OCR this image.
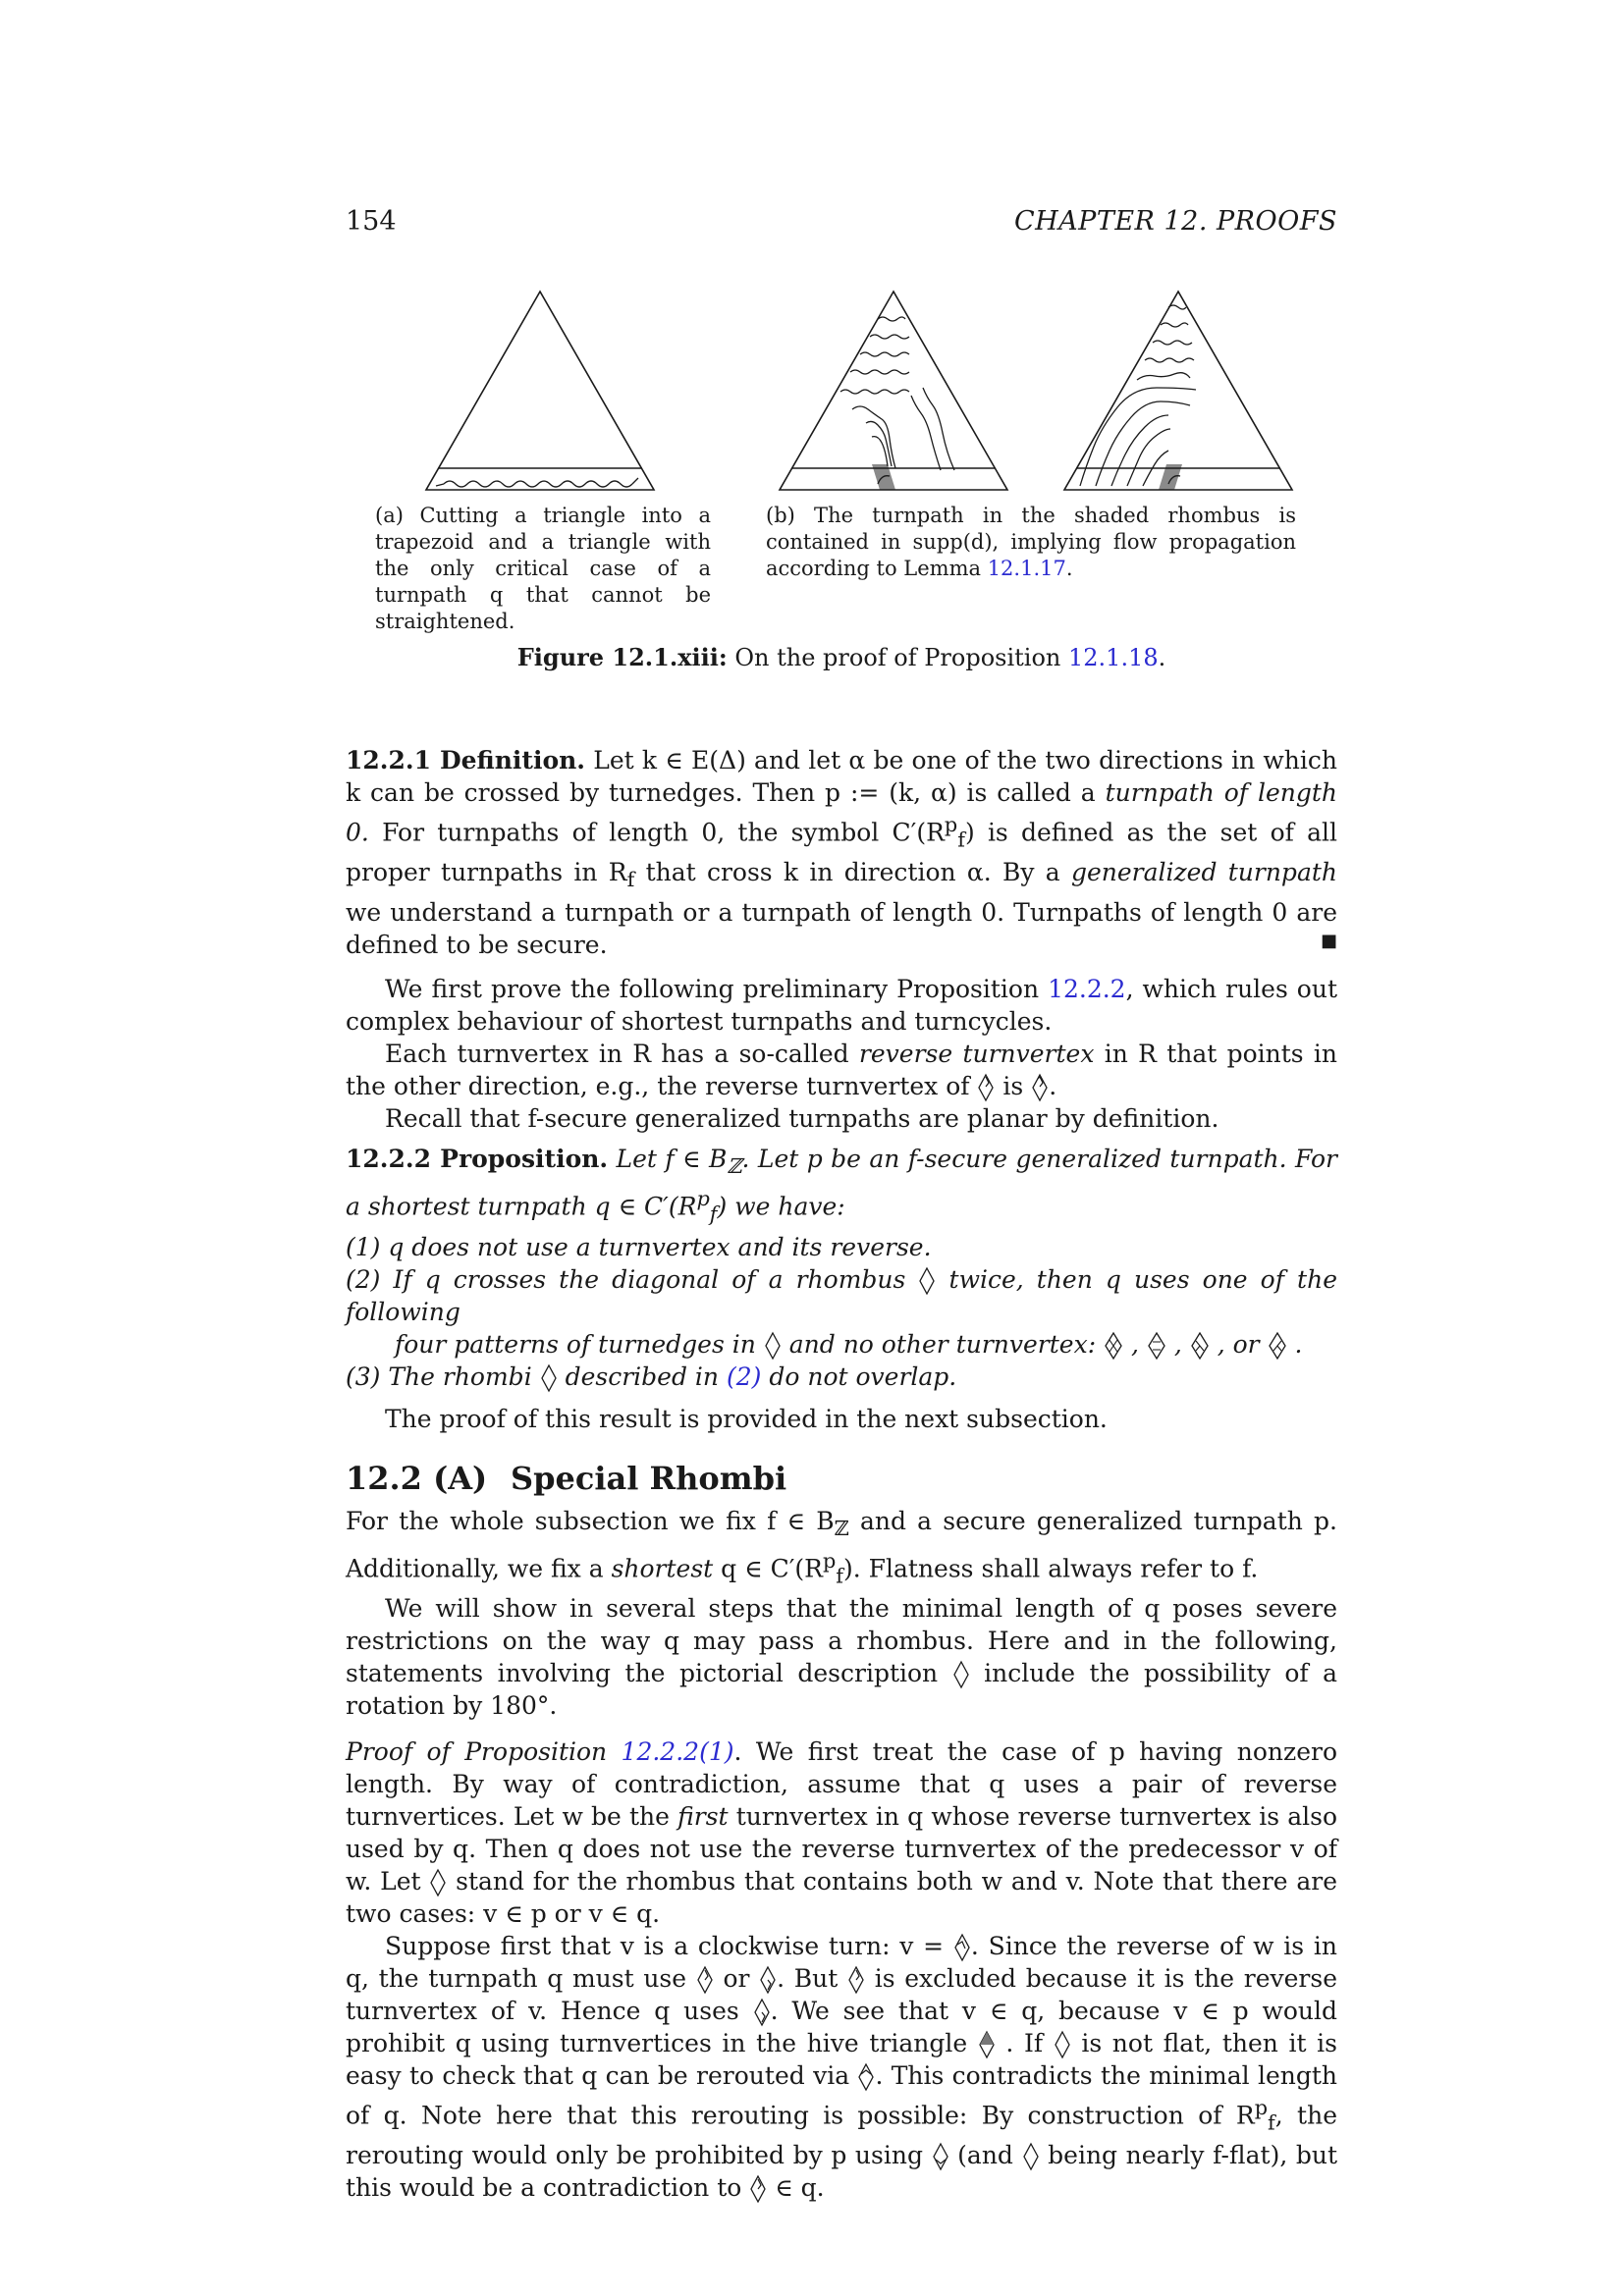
154	CHAPTER 12. PROOFS
(a) Cutting a triangle into a trapezoid and a triangle with the only critical case of a turnpath q that cannot be straightened.
(b) The turnpath in the shaded rhombus is contained in supp(d), implying flow propagation according to Lemma 12.1.17.
Figure 12.1.xiii: On the proof of Proposition 12.1.18.

12.2.1 Definition. Let k ∈ E(Δ) and let α be one of the two directions in which k can be crossed by turnedges. Then p := (k, α) is called a turnpath of length 0. For turnpaths of length 0, the symbol $C'(R^p_f)$ is defined as the set of all proper turnpaths in $R_f$ that cross k in direction α. By a generalized turnpath we understand a turnpath or a turnpath of length 0. Turnpaths of length 0 are defined to be secure.	■

We first prove the following preliminary Proposition 12.2.2, which rules out complex behaviour of shortest turnpaths and turncycles.

Each turnvertex in R has a so-called reverse turnvertex in R that points in the other direction, e.g., the reverse turnvertex of  is .

Recall that f-secure generalized turnpaths are planar by definition.

12.2.2 Proposition. Let f ∈ $B_ℤ$. Let p be an f-secure generalized turnpath. For a shortest turnpath q ∈ $C'(R^p_f)$ we have:

(1) q does not use a turnvertex and its reverse.

(2) If q crosses the diagonal of a rhombus  twice, then q uses one of the following

four patterns of turnedges in  and no other turnvertex:  ,  ,  , or  .

(3) The rhombi  described in (2) do not overlap.

The proof of this result is provided in the next subsection.

12.2 (A) Special Rhombi

For the whole subsection we fix f ∈ $B_ℤ$ and a secure generalized turnpath p. Additionally, we fix a shortest q ∈ $C'(R^p_f)$. Flatness shall always refer to f.

We will show in several steps that the minimal length of q poses severe restrictions on the way q may pass a rhombus. Here and in the following, statements involving the pictorial description  include the possibility of a rotation by 180°.

Proof of Proposition 12.2.2(1). We first treat the case of p having nonzero length. By way of contradiction, assume that q uses a pair of reverse turnvertices. Let w be the first turnvertex in q whose reverse turnvertex is also used by q. Then q does not use the reverse turnvertex of the predecessor v of w. Let  stand for the rhombus that contains both w and v. Note that there are two cases: v ∈ p or v ∈ q.

Suppose first that v is a clockwise turn: v = . Since the reverse of w is in q, the turnpath q must use  or . But  is excluded because it is the reverse turnvertex of v. Hence q uses . We see that v ∈ q, because v ∈ p would prohibit q using turnvertices in the hive triangle  . If  is not flat, then it is easy to check that q can be rerouted via . This contradicts the minimal length of q. Note here that this rerouting is possible: By construction of $R^p_f$, the rerouting would only be prohibited by p using  (and  being nearly f-flat), but this would be a contradiction to  ∈ q.
